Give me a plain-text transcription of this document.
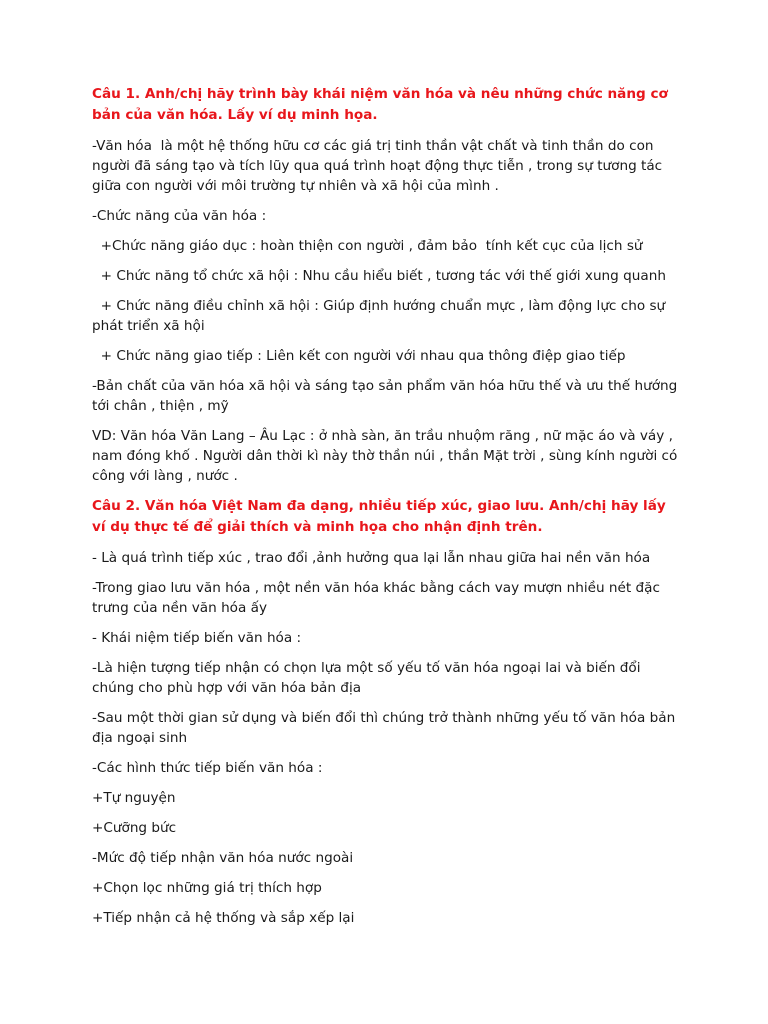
Câu 1. Anh/chị hãy trình bày khái niệm văn hóa và nêu những chức năng cơ bản của văn hóa. Lấy ví dụ minh họa.
-Văn hóa  là một hệ thống hữu cơ các giá trị tinh thần vật chất và tinh thần do con người đã sáng tạo và tích lũy qua quá trình hoạt động thực tiễn , trong sự tương tác giữa con người với môi trường tự nhiên và xã hội của mình .
-Chức năng của văn hóa :
+Chức năng giáo dục : hoàn thiện con người , đảm bảo  tính kết cục của lịch sử
+ Chức năng tổ chức xã hội : Nhu cầu hiểu biết , tương tác với thế giới xung quanh
+ Chức năng điều chỉnh xã hội : Giúp định hướng chuẩn mực , làm động lực cho sự phát triển xã hội
+ Chức năng giao tiếp : Liên kết con người với nhau qua thông điệp giao tiếp
-Bản chất của văn hóa xã hội và sáng tạo sản phẩm văn hóa hữu thế và ưu thế hướng tới chân , thiện , mỹ
VD: Văn hóa Văn Lang – Âu Lạc : ở nhà sàn, ăn trầu nhuộm răng , nữ mặc áo và váy , nam đóng khố . Người dân thời kì này thờ thần núi , thần Mặt trời , sùng kính người có công với làng , nước .
Câu 2. Văn hóa Việt Nam đa dạng, nhiều tiếp xúc, giao lưu. Anh/chị hãy lấy ví dụ thực tế để giải thích và minh họa cho nhận định trên.
- Là quá trình tiếp xúc , trao đổi ,ảnh hưởng qua lại lẫn nhau giữa hai nền văn hóa
-Trong giao lưu văn hóa , một nền văn hóa khác bằng cách vay mượn nhiều nét đặc trưng của nền văn hóa ấy
- Khái niệm tiếp biến văn hóa :
-Là hiện tượng tiếp nhận có chọn lựa một số yếu tố văn hóa ngoại lai và biến đổi chúng cho phù hợp với văn hóa bản địa
-Sau một thời gian sử dụng và biến đổi thì chúng trở thành những yếu tố văn hóa bản địa ngoại sinh
-Các hình thức tiếp biến văn hóa :
+Tự nguyện
+Cưỡng bức
-Mức độ tiếp nhận văn hóa nước ngoài
+Chọn lọc những giá trị thích hợp
+Tiếp nhận cả hệ thống và sắp xếp lại
